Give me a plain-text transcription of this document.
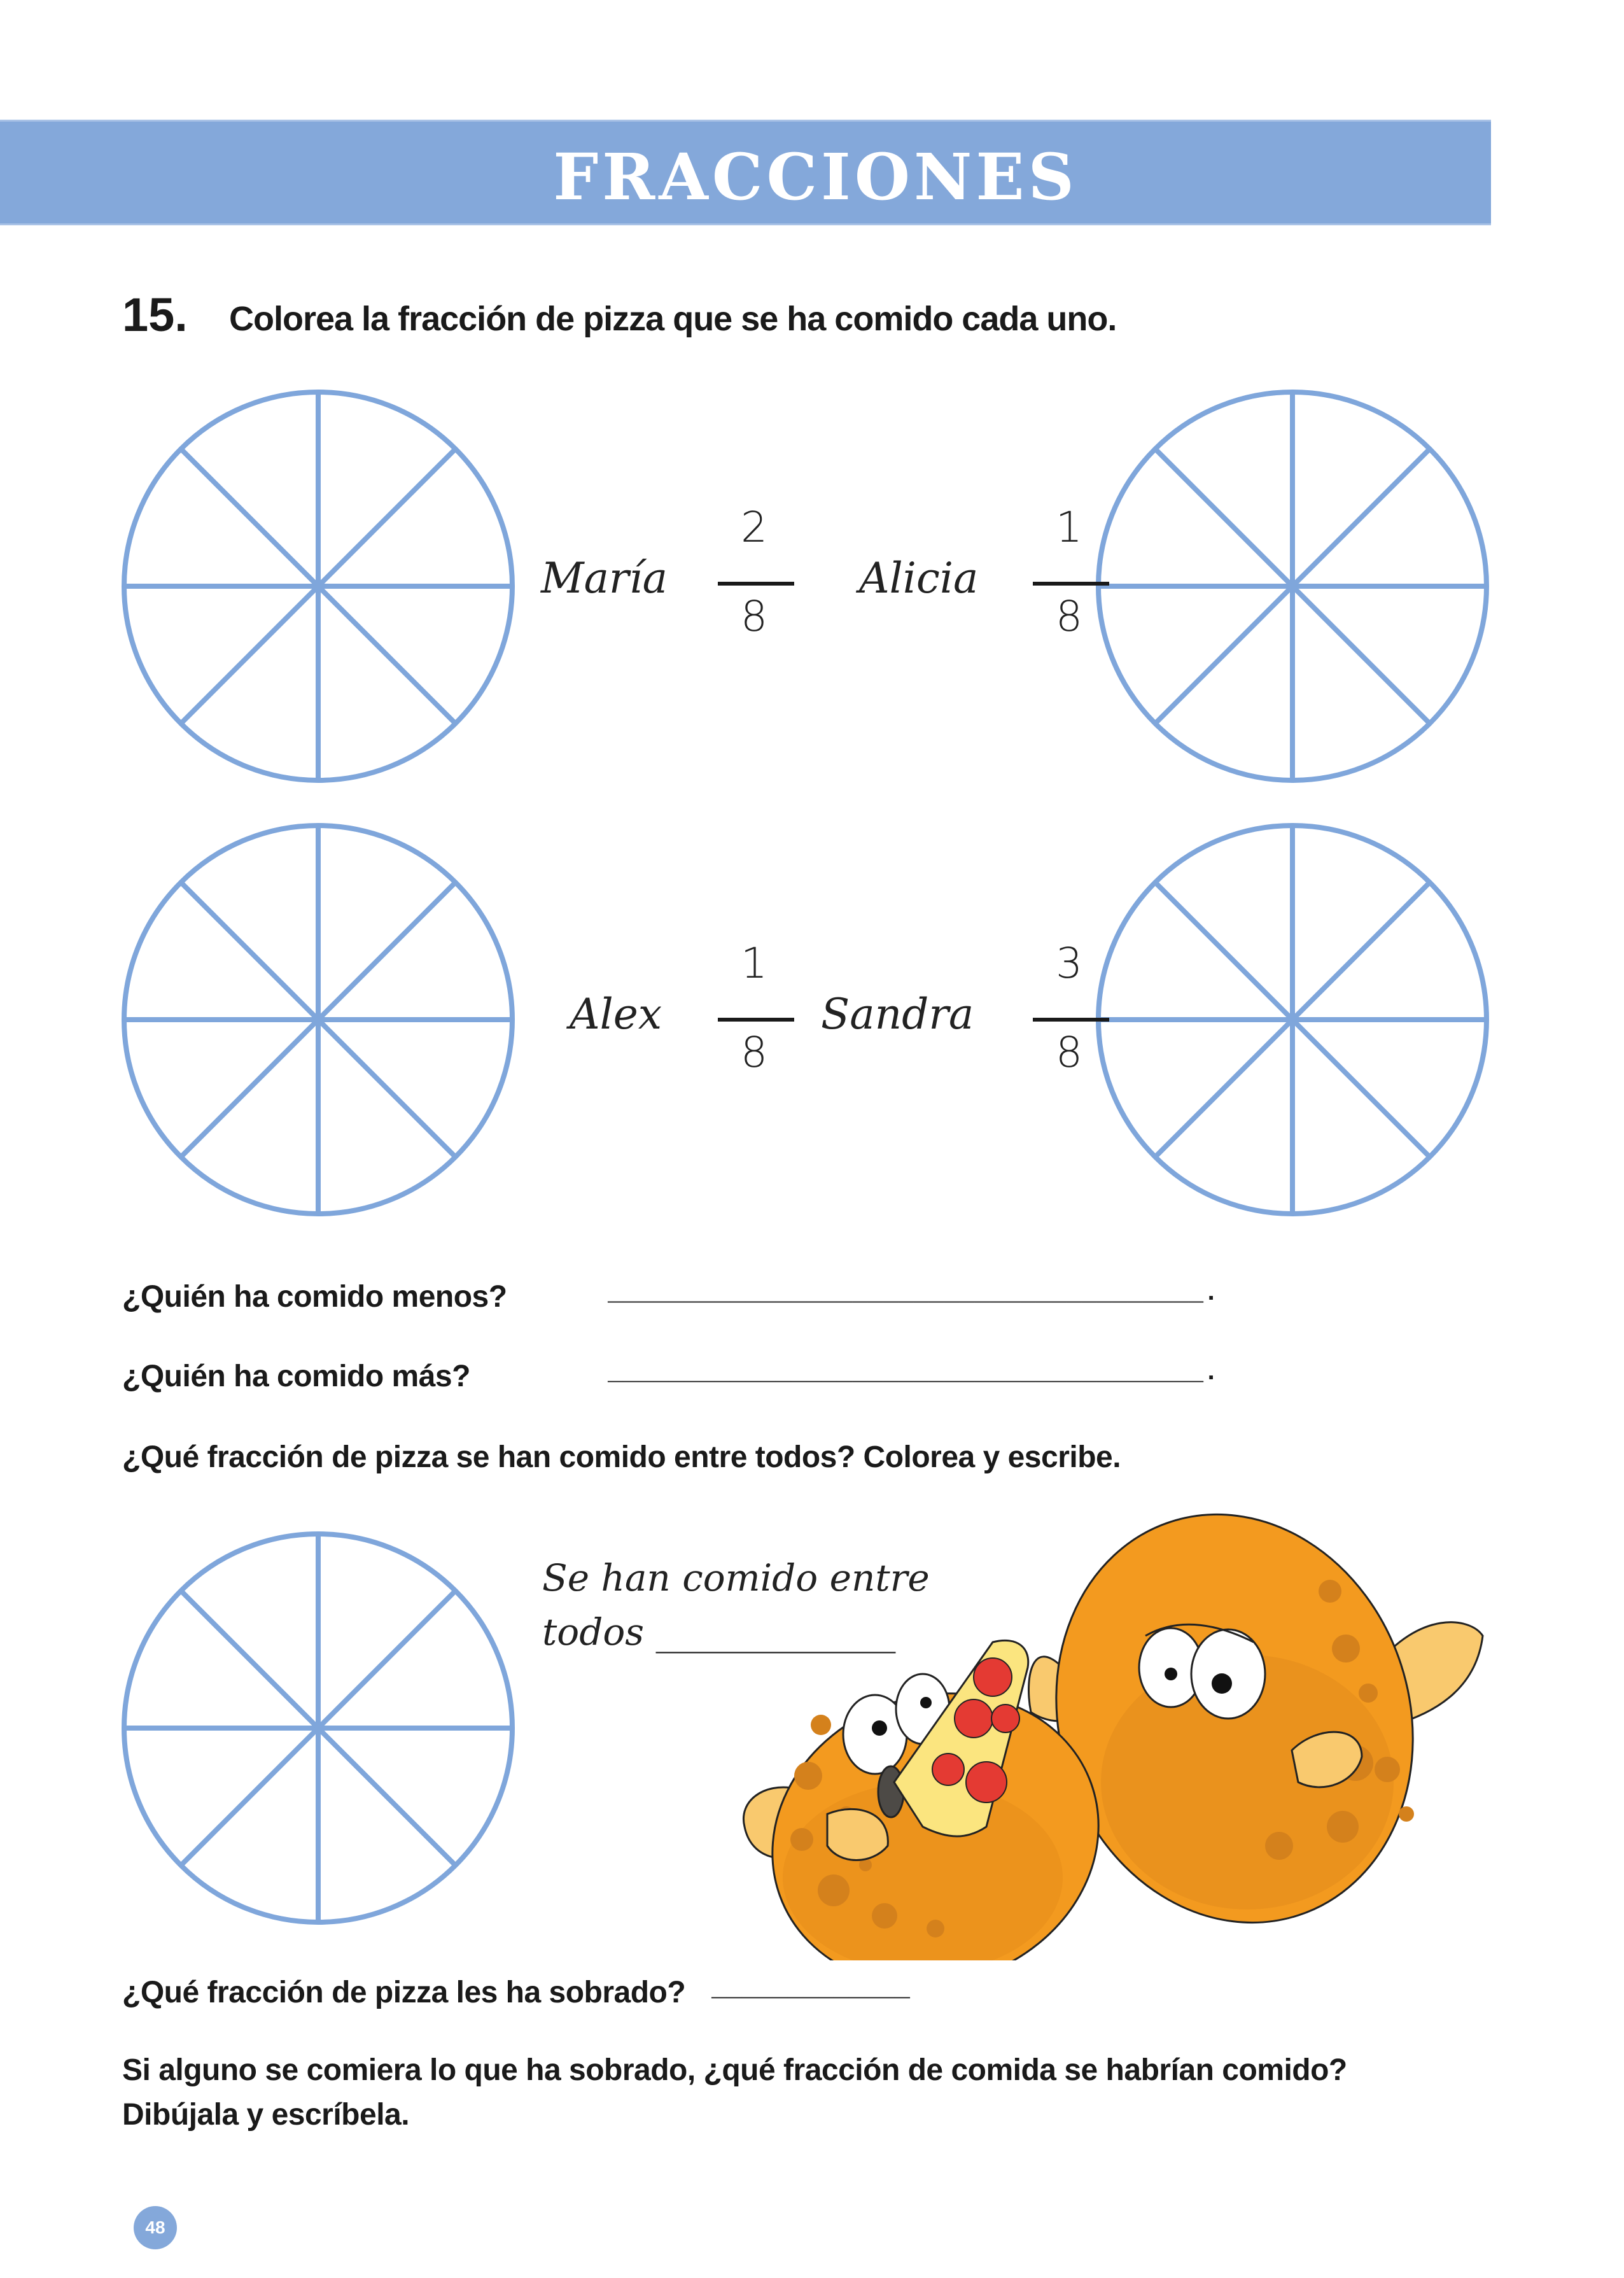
FRACCIONES
15. Colorea la fracción de pizza que se ha comido cada uno.
María
2
8
Alicia
1
8
Alex
1
8
Sandra
3
8
¿Quién ha comido menos?	_______________________________________.
¿Quién ha comido más?	_______________________________________.
¿Qué fracción de pizza se han comido entre todos? Colorea y escribe.
Se han comido entre
todos _____________
¿Qué fracción de pizza les ha sobrado? _____________
Si alguno se comiera lo que ha sobrado, ¿qué fracción de comida se habrían comido?
Dibújala y escríbela.
48
